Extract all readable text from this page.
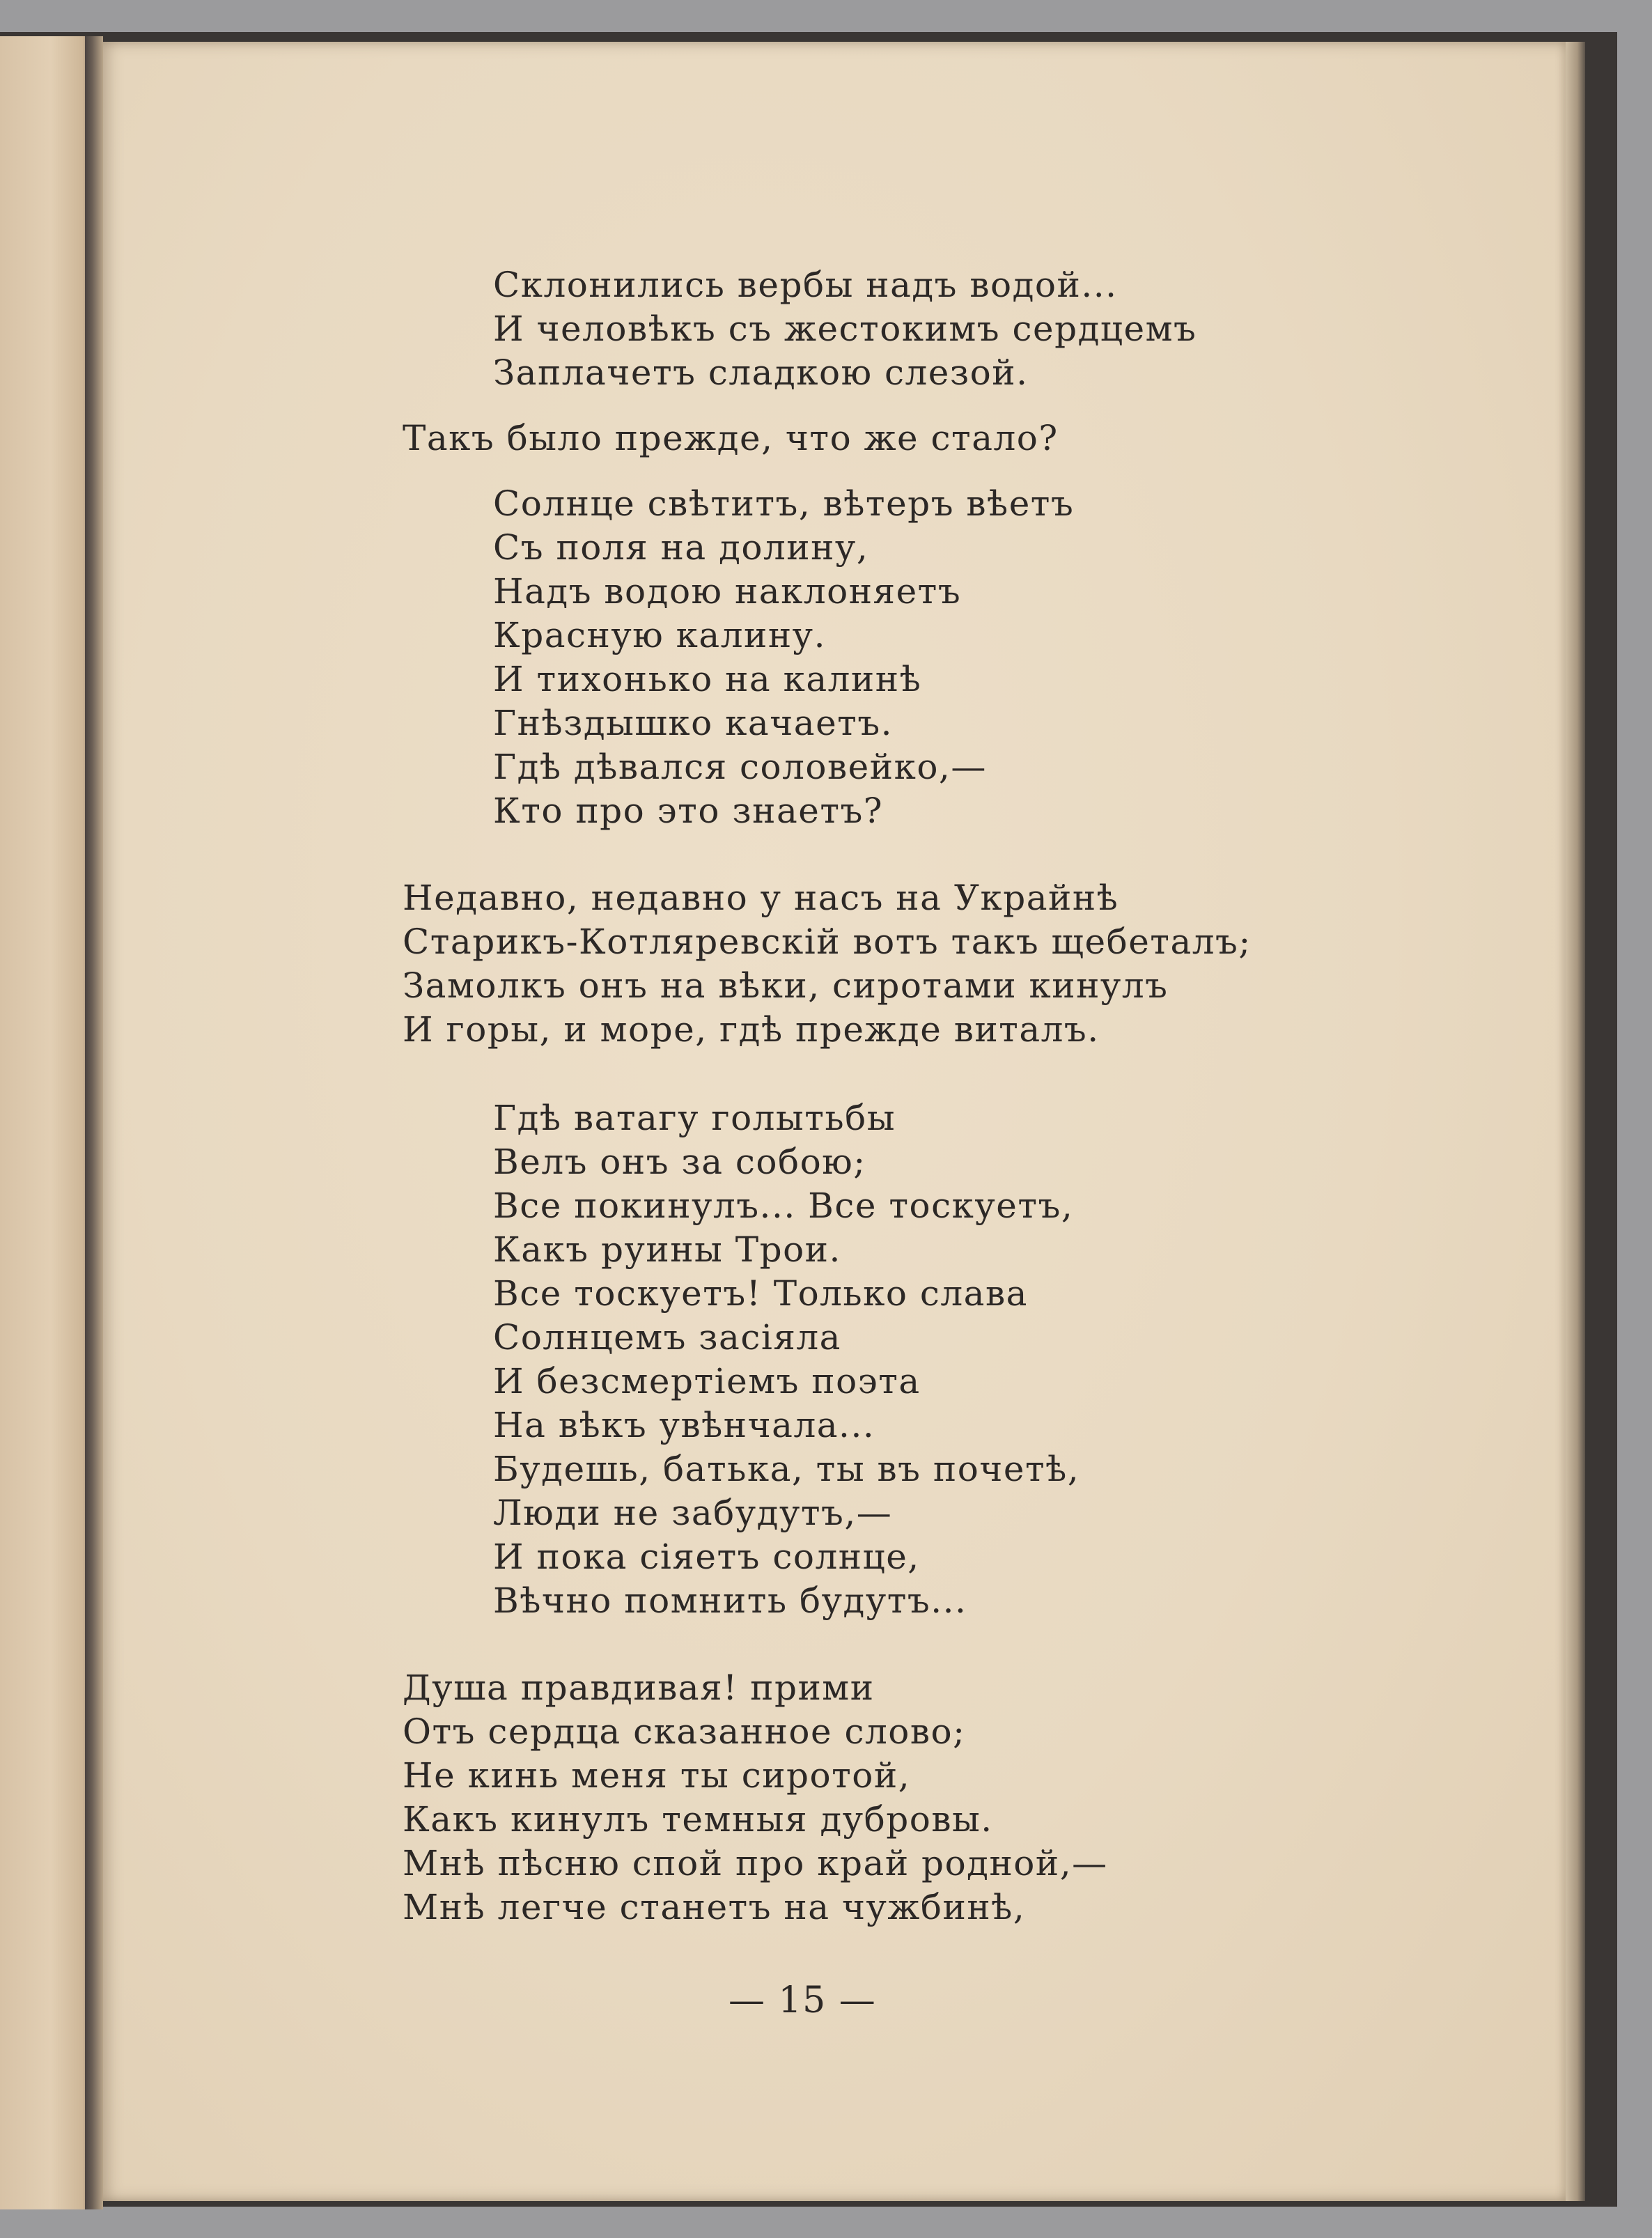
Склонились вербы надъ водой...
И человѣкъ съ жестокимъ сердцемъ
Заплачетъ сладкою слезой.
Такъ было прежде, что же стало?
Солнце свѣтитъ, вѣтеръ вѣетъ
Съ поля на долину,
Надъ водою наклоняетъ
Красную калину.
И тихонько на калинѣ
Гнѣздышко качаетъ.
Гдѣ дѣвался соловейко,—
Кто про это знаетъ?
Недавно, недавно у насъ на Украйнѣ
Старикъ-Котляревскій вотъ такъ щебеталъ;
Замолкъ онъ на вѣки, сиротами кинулъ
И горы, и море, гдѣ прежде виталъ.
Гдѣ ватагу голытьбы
Велъ онъ за собою;
Все покинулъ... Все тоскуетъ,
Какъ руины Трои.
Все тоскуетъ! Только слава
Солнцемъ засіяла
И безсмертіемъ поэта
На вѣкъ увѣнчала...
Будешь, батька, ты въ почетѣ,
Люди не забудутъ,—
И пока сіяетъ солнце,
Вѣчно помнить будутъ...
Душа правдивая! прими
Отъ сердца сказанное слово;
Не кинь меня ты сиротой,
Какъ кинулъ темныя дубровы.
Мнѣ пѣсню спой про край родной,—
Мнѣ легче станетъ на чужбинѣ,
— 15 —
